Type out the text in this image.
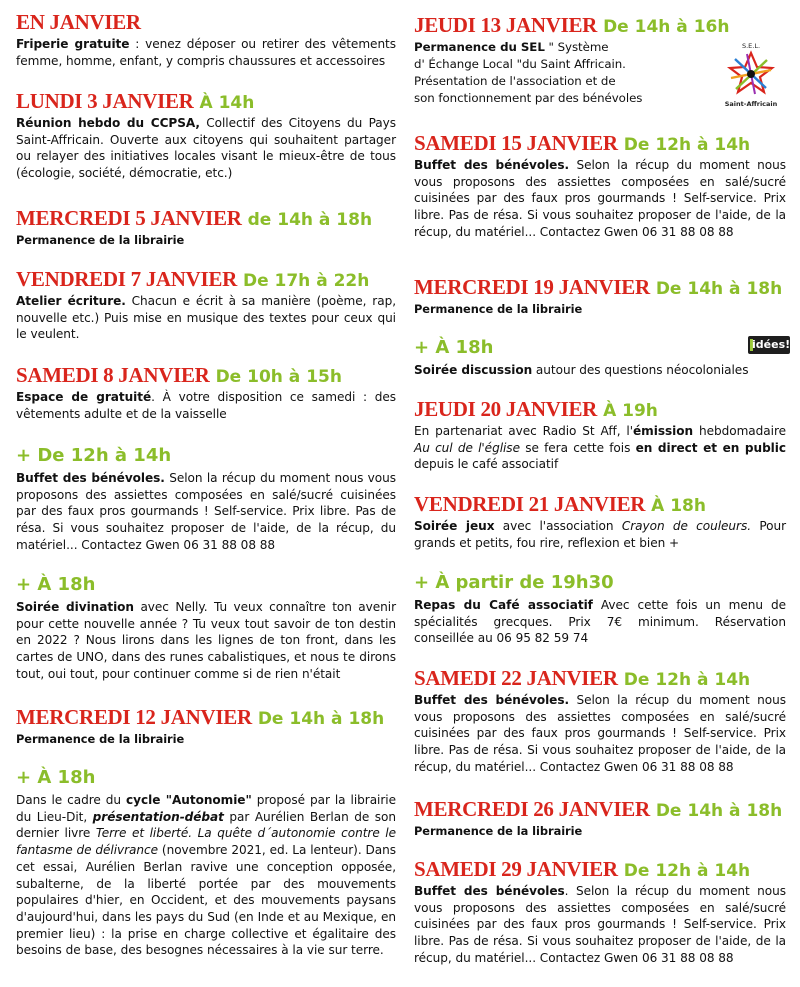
EN JANVIER

Friperie gratuite : venez déposer ou retirer des vêtements femme, homme, enfant, y compris chaussures et accessoires

LUNDI 3 JANVIER À 14h

Réunion hebdo du CCPSA, Collectif des Citoyens du Pays Saint-Affricain. Ouverte aux citoyens qui souhaitent partager ou relayer des initiatives locales visant le mieux-être de tous (écologie, société, démocratie, etc.)

MERCREDI 5 JANVIER de 14h à 18h

Permanence de la librairie

VENDREDI 7 JANVIER De 17h à 22h

Atelier écriture. Chacun e écrit à sa manière (poème, rap, nouvelle etc.) Puis mise en musique des textes pour ceux qui le veulent.

SAMEDI 8 JANVIER De 10h à 15h

Espace de gratuité. À votre disposition ce samedi : des vêtements adulte et de la vaisselle

+ De 12h à 14h

Buffet des bénévoles. Selon la récup du moment nous vous proposons des assiettes composées en salé/sucré cuisinées par des faux pros gourmands ! Self-service. Prix libre. Pas de résa. Si vous souhaitez proposer de l'aide, de la récup, du matériel... Contactez Gwen 06 31 88 08 88

+ À 18h

Soirée divination avec Nelly. Tu veux connaître ton avenir pour cette nouvelle année ? Tu veux tout savoir de ton destin en 2022 ? Nous lirons dans les lignes de ton front, dans les cartes de UNO, dans des runes cabalistiques, et nous te dirons tout, oui tout, pour continuer comme si de rien n'était

MERCREDI 12 JANVIER De 14h à 18h

Permanence de la librairie

+ À 18h

Dans le cadre du cycle "Autonomie" proposé par la librairie du Lieu-Dit, présentation-débat par Aurélien Berlan de son dernier livre Terre et liberté. La quête d´autonomie contre le fantasme de délivrance (novembre 2021, ed. La lenteur). Dans cet essai, Aurélien Berlan ravive une conception opposée, subalterne, de la liberté portée par des mouvements populaires d'hier, en Occident, et des mouvements paysans d'aujourd'hui, dans les pays du Sud (en Inde et au Mexique, en premier lieu) : la prise en charge collective et égalitaire des besoins de base, des besognes nécessaires à la vie sur terre.

JEUDI 13 JANVIER De 14h à 16h

Permanence du SEL " Système
d' Échange Local "du Saint Affricain.
Présentation de l'association et de
son fonctionnement par des bénévoles

S.E.L.
Saint-Affricain
SAMEDI 15 JANVIER De 12h à 14h

Buffet des bénévoles. Selon la récup du moment nous vous proposons des assiettes composées en salé/sucré cuisinées par des faux pros gourmands ! Self-service. Prix libre. Pas de résa. Si vous souhaitez proposer de l'aide, de la récup, du matériel... Contactez Gwen 06 31 88 08 88

MERCREDI 19 JANVIER De 14h à 18h

Permanence de la librairie

+ À 18h

Soirée discussion autour des questions néocoloniales

idées!
JEUDI 20 JANVIER À 19h

En partenariat avec Radio St Aff, l'émission hebdomadaire Au cul de l'église se fera cette fois en direct et en public depuis le café associatif

VENDREDI 21 JANVIER À 18h

Soirée jeux avec l'association Crayon de couleurs. Pour grands et petits, fou rire, reflexion et bien +

+ À partir de 19h30

Repas du Café associatif Avec cette fois un menu de spécialités grecques. Prix 7€ minimum. Réservation conseillée au 06 95 82 59 74

SAMEDI 22 JANVIER De 12h à 14h

Buffet des bénévoles. Selon la récup du moment nous vous proposons des assiettes composées en salé/sucré cuisinées par des faux pros gourmands ! Self-service. Prix libre. Pas de résa. Si vous souhaitez proposer de l'aide, de la récup, du matériel... Contactez Gwen 06 31 88 08 88

MERCREDI 26 JANVIER De 14h à 18h

Permanence de la librairie

SAMEDI 29 JANVIER De 12h à 14h

Buffet des bénévoles. Selon la récup du moment nous vous proposons des assiettes composées en salé/sucré cuisinées par des faux pros gourmands ! Self-service. Prix libre. Pas de résa. Si vous souhaitez proposer de l'aide, de la récup, du matériel... Contactez Gwen 06 31 88 08 88
